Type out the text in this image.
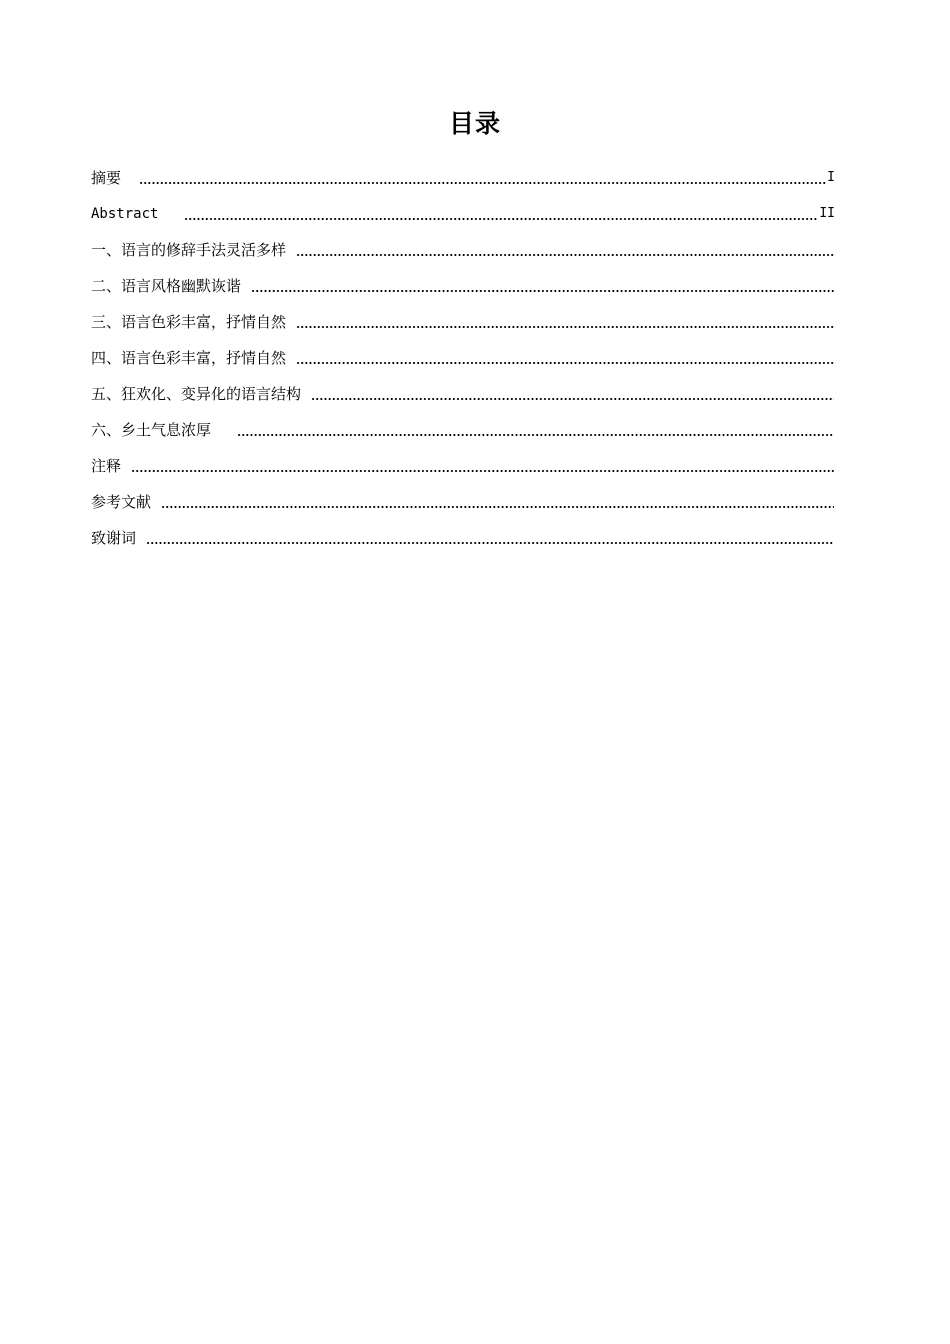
目录
摘要	I
Abstract	II
一、语言的修辞手法灵活多样
二、语言风格幽默诙谐
三、语言色彩丰富，抒情自然
四、语言色彩丰富，抒情自然
五、狂欢化、变异化的语言结构
六、乡土气息浓厚
注释
参考文献
致谢词
